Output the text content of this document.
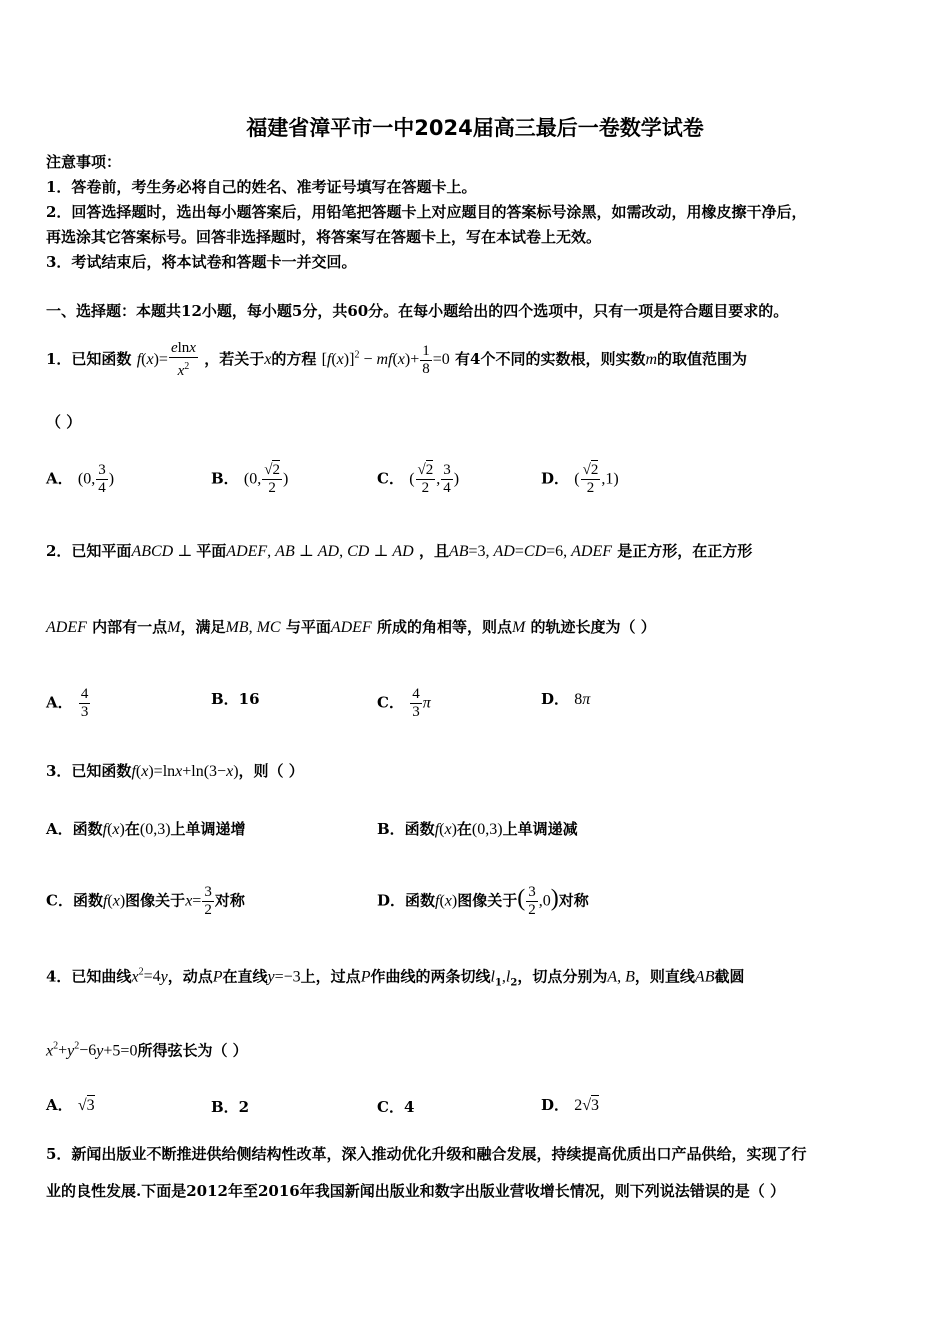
福建省漳平市一中2024届高三最后一卷数学试卷
注意事项：
1．答卷前，考生务必将自己的姓名、准考证号填写在答题卡上。
2．回答选择题时，选出每小题答案后，用铅笔把答题卡上对应题目的答案标号涂黑，如需改动，用橡皮擦干净后，
再选涂其它答案标号。回答非选择题时，将答案写在答题卡上，写在本试卷上无效。
3．考试结束后，将本试卷和答题卡一并交回。
一、选择题：本题共12小题，每小题5分，共60分。在每小题给出的四个选项中，只有一项是符合题目要求的。
1．已知函数 $f(x)= \frac{elnx}{x^2}$ ，若关于x的方程 $[f(x)]^2 - mf(x)+ \frac{1}{8} =0$ 有4个不同的实数根，则实数m的取值范围为
（ ）
A． (0, $\frac{3}{4}$ )	B． (0, $\frac{√2}{2}$ )	C． ( $\frac{√2}{2}$ , $\frac{3}{4}$ )	D． ( $\frac{√2}{2} ,1$)
2．已知平面ABCD ⊥ 平面ADEF, AB ⊥ AD, CD ⊥ AD ，且AB=3, AD=CD=6, ADEF 是正方形，在正方形
ADEF 内部有一点M，满足MB, MC 与平面ADEF 所成的角相等，则点M 的轨迹长度为（ ）
A． $\frac{4}{3}$	B．16	C． $\frac{4}{3}$ π	D． 8π
3．已知函数f(x)=lnx+ln(3−x)，则（ ）
A．函数f(x)在(0,3)上单调递增	B．函数f(x)在(0,3)上单调递减
C．函数f(x)图像关于$x= \frac{3}{2}$ 对称	D．函数f(x)图像关于( $\frac{3}{2} ,0$)对称
4．已知曲线$x^2=4y$，动点P在直线y=−3上，过点P作曲线的两条切线$l_1,l_2$，切点分别为A, B，则直线AB截圆
$x^2+y^2-6y+5=0$所得弦长为（ ）
A． √3	B．2	C．4	D． 2√3
5．新闻出版业不断推进供给侧结构性改革，深入推动优化升级和融合发展，持续提高优质出口产品供给，实现了行
业的良性发展.下面是2012年至2016年我国新闻出版业和数字出版业营收增长情况，则下列说法错误的是（ ）
